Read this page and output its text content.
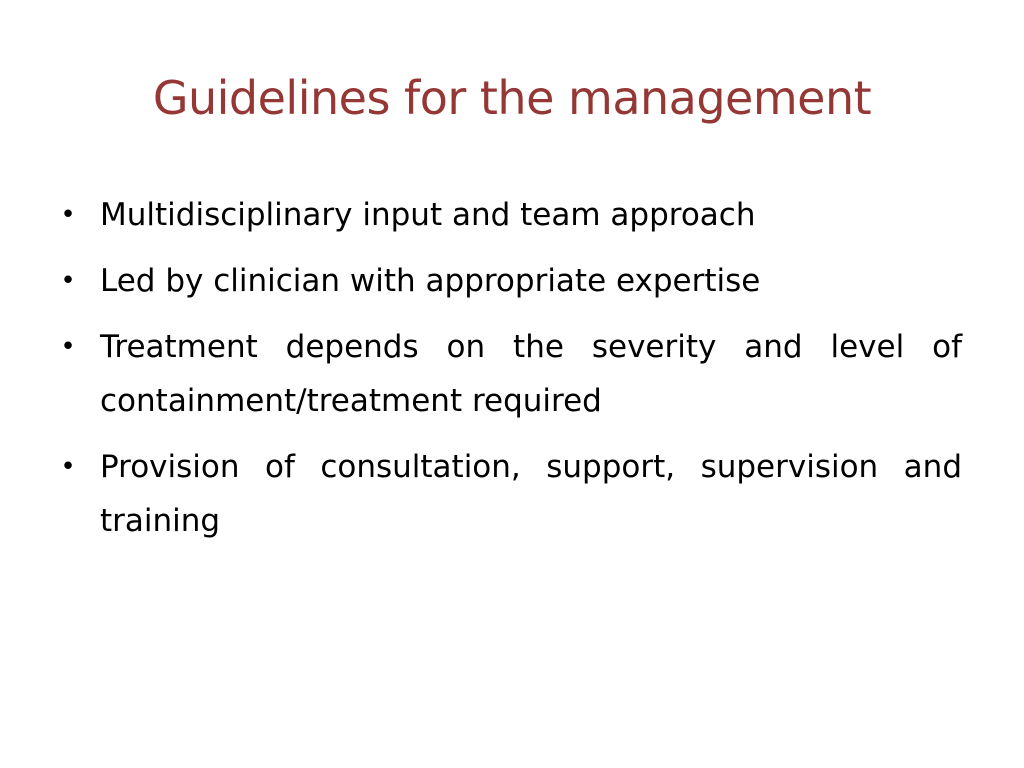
Guidelines for the management
• Multidisciplinary input and team approach
• Led by clinician with appropriate expertise
• Treatment depends on the severity and level of containment/treatment required
• Provision of consultation, support, supervision and training
